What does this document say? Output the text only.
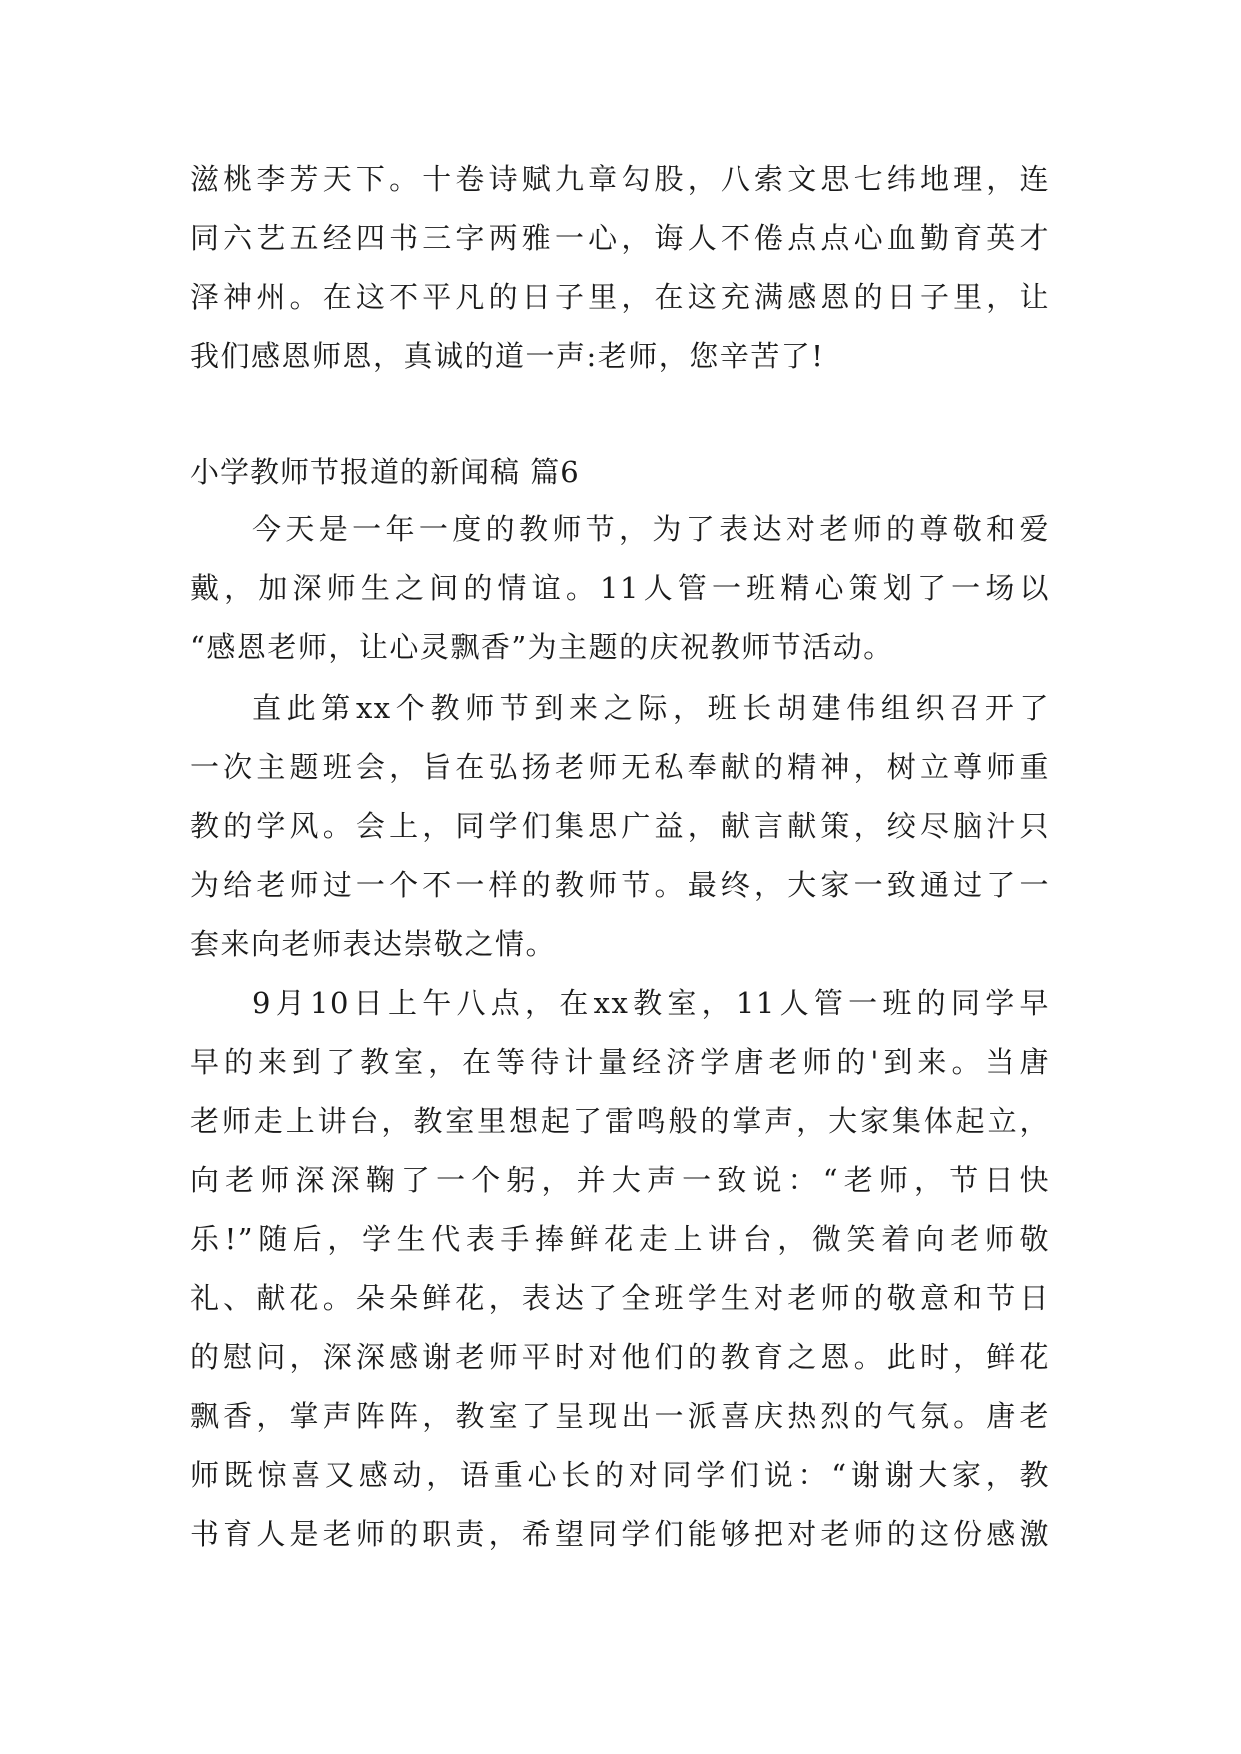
滋桃李芳天下。十卷诗赋九章勾股，八索文思七纬地理，连

同六艺五经四书三字两雅一心，诲人不倦点点心血勤育英才

泽神州。在这不平凡的日子里，在这充满感恩的日子里，让

我们感恩师恩，真诚的道一声:老师，您辛苦了!

小学教师节报道的新闻稿 篇6

今天是一年一度的教师节，为了表达对老师的尊敬和爱

戴，加深师生之间的情谊。11人管一班精心策划了一场以

“感恩老师，让心灵飘香”为主题的庆祝教师节活动。

直此第xx个教师节到来之际，班长胡建伟组织召开了

一次主题班会，旨在弘扬老师无私奉献的精神，树立尊师重

教的学风。会上，同学们集思广益，献言献策，绞尽脑汁只

为给老师过一个不一样的教师节。最终，大家一致通过了一

套来向老师表达崇敬之情。

9月10日上午八点，在xx教室，11人管一班的同学早

早的来到了教室，在等待计量经济学唐老师的'到来。当唐

老师走上讲台，教室里想起了雷鸣般的掌声，大家集体起立，

向老师深深鞠了一个躬，并大声一致说：“老师，节日快

乐!”随后，学生代表手捧鲜花走上讲台，微笑着向老师敬

礼、献花。朵朵鲜花，表达了全班学生对老师的敬意和节日

的慰问，深深感谢老师平时对他们的教育之恩。此时，鲜花

飘香，掌声阵阵，教室了呈现出一派喜庆热烈的气氛。唐老

师既惊喜又感动，语重心长的对同学们说：“谢谢大家，教

书育人是老师的职责，希望同学们能够把对老师的这份感激
